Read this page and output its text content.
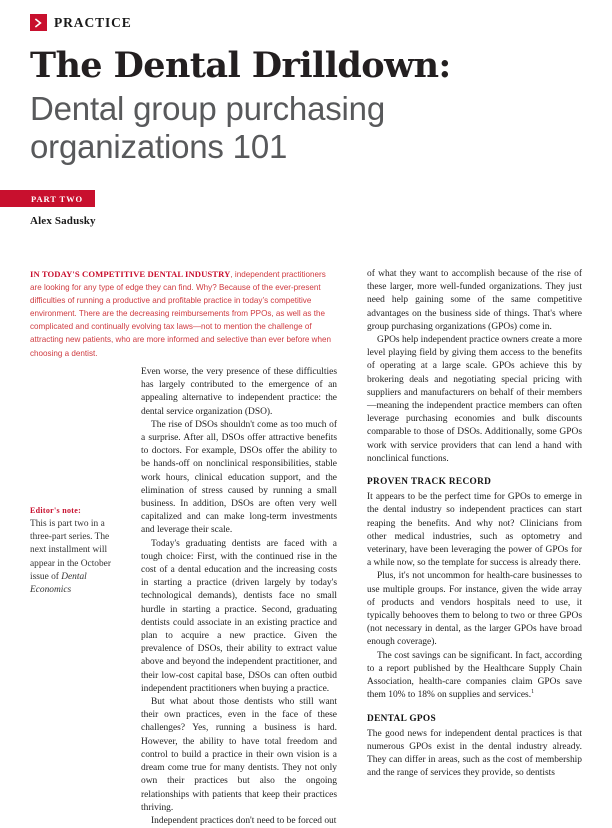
PRACTICE
The Dental Drilldown:
Dental group purchasing organizations 101
PART TWO
Alex Sadusky
IN TODAY'S COMPETITIVE DENTAL INDUSTRY, independent practitioners are looking for any type of edge they can find. Why? Because of the ever-present difficulties of running a productive and profitable practice in today’s competitive environment. There are the decreasing reimbursements from PPOs, as well as the complicated and continually evolving tax laws—not to mention the challenge of attracting new patients, who are more informed and selective than ever before when choosing a dentist.
Editor's note:
This is part two in a three-part series. The next installment will appear in the October issue of Dental Economics

Even worse, the very presence of these difficulties has largely contributed to the emergence of an appealing alternative to independent practice: the dental service organization (DSO).

The rise of DSOs shouldn't come as too much of a surprise. After all, DSOs offer attractive benefits to doctors. For example, DSOs offer the ability to be hands-off on nonclinical responsibilities, stable work hours, clinical education support, and the elimination of stress caused by running a small business. In addition, DSOs are often very well capitalized and can make long-term investments and leverage their scale.

Today's graduating dentists are faced with a tough choice: First, with the continued rise in the cost of a dental education and the increasing costs in starting a practice (driven largely by today's technological demands), dentists face no small hurdle in starting a practice. Second, graduating dentists could associate in an existing practice and plan to acquire a new practice. Given the prevalence of DSOs, their ability to extract value above and beyond the independent practitioner, and their low-cost capital base, DSOs can often outbid independent practitioners when buying a practice.

But what about those dentists who still want their own practices, even in the face of these challenges? Yes, running a business is hard. However, the ability to have total freedom and control to build a practice in their own vision is a dream come true for many dentists. They not only own their practices but also the ongoing relationships with patients that keep their practices thriving.

Independent practices don't need to be forced out

of what they want to accomplish because of the rise of these larger, more well-funded organizations. They just need help gaining some of the same competitive advantages on the business side of things. That's where group purchasing organizations (GPOs) come in.

GPOs help independent practice owners create a more level playing field by giving them access to the benefits of operating at a large scale. GPOs achieve this by brokering deals and negotiating special pricing with suppliers and manufacturers on behalf of their members—meaning the independent practice members can often leverage purchasing economies and bulk discounts comparable to those of DSOs. Additionally, some GPOs work with service providers that can lend a hand with nonclinical functions.

PROVEN TRACK RECORD

It appears to be the perfect time for GPOs to emerge in the dental industry so independent practices can start reaping the benefits. And why not? Clinicians from other medical industries, such as optometry and veterinary, have been leveraging the power of GPOs for a while now, so the template for success is already there.

Plus, it's not uncommon for health-care businesses to use multiple groups. For instance, given the wide array of products and vendors hospitals need to use, it typically behooves them to belong to two or three GPOs (not necessary in dental, as the larger GPOs have broad enough coverage).

The cost savings can be significant. In fact, according to a report published by the Healthcare Supply Chain Association, health-care companies claim GPOs save them 10% to 18% on supplies and services.$^1$

DENTAL GPOS

The good news for independent dental practices is that numerous GPOs exist in the dental industry already. They can differ in areas, such as the cost of membership and the range of services they provide, so dentists
